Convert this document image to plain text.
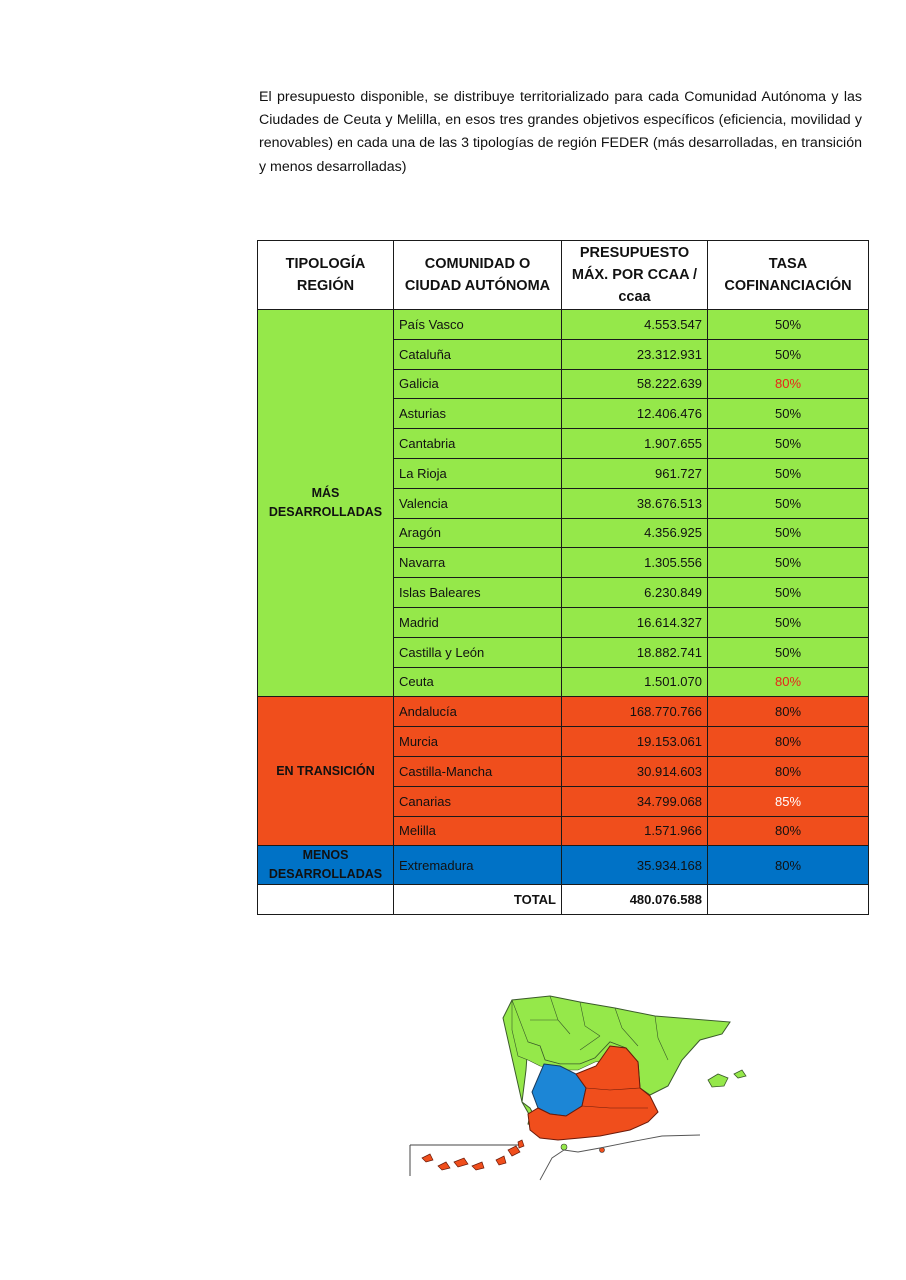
El presupuesto disponible, se distribuye territorializado para cada Comunidad Autónoma y las Ciudades de Ceuta y Melilla, en esos tres grandes objetivos específicos (eficiencia, movilidad y renovables) en cada una de las 3 tipologías de región FEDER (más desarrolladas, en transición y menos desarrolladas)

TIPOLOGÍA REGIÓN	COMUNIDAD O CIUDAD AUTÓNOMA	PRESUPUESTO MÁX. POR CCAA / ccaa	TASA COFINANCIACIÓN
MÁS DESARROLLADAS	País Vasco	4.553.547	50%
	Cataluña	23.312.931	50%
	Galicia	58.222.639	80%
	Asturias	12.406.476	50%
	Cantabria	1.907.655	50%
	La Rioja	961.727	50%
	Valencia	38.676.513	50%
	Aragón	4.356.925	50%
	Navarra	1.305.556	50%
	Islas Baleares	6.230.849	50%
	Madrid	16.614.327	50%
	Castilla y León	18.882.741	50%
	Ceuta	1.501.070	80%
EN TRANSICIÓN	Andalucía	168.770.766	80%
	Murcia	19.153.061	80%
	Castilla-Mancha	30.914.603	80%
	Canarias	34.799.068	85%
	Melilla	1.571.966	80%
MENOS DESARROLLADAS	Extremadura	35.934.168	80%
	TOTAL	480.076.588	
